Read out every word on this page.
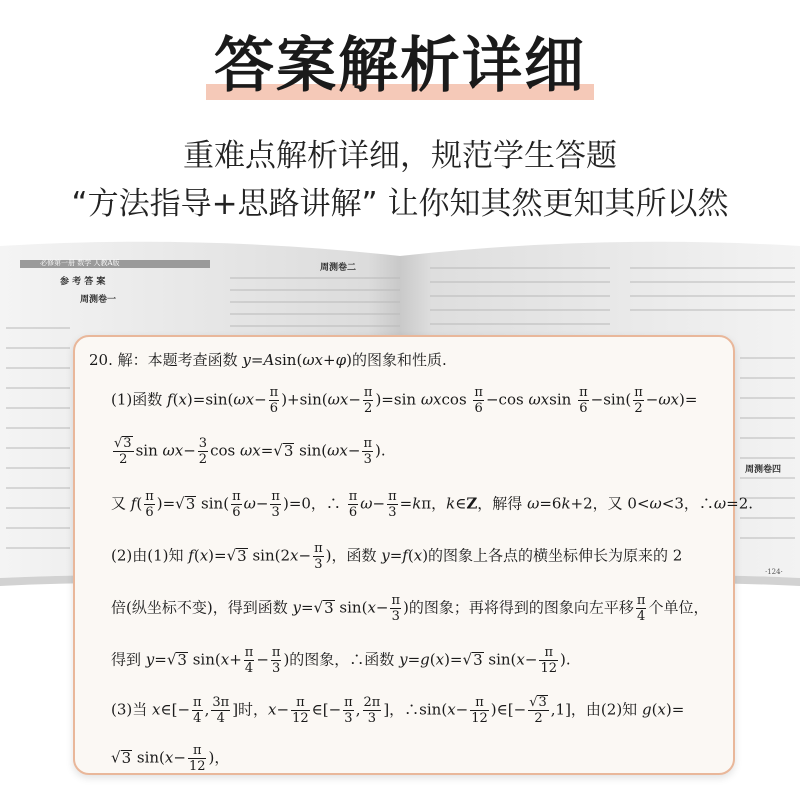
答案解析详细
重难点解析详细，规范学生答题
“方法指导+思路讲解” 让你知其然更知其所以然
必修第一册 数学 人教A版
参 考 答 案
周测卷一
周测卷二
周测卷四
·124·
20. 解：本题考查函数 y=Asin(ωx+φ)的图象和性质.
(1)函数 $f(x)=\sin(\omega x- \frac{\pi}{6} )+\sin(\omega x- \frac{\pi}{2} )=\sin$ ωxcos $\frac{\pi}{6} -\cos$ ωxsin $\frac{\pi}{6} -\sin( \frac{\pi}{2} -\omega x)=$
$\frac{√3}{2}$ $\sin \omega x- \frac{3}{2}$ cos ωx=√3 $\sin(\omega x- \frac{\pi}{3}$ ).
又 $f( \frac{\pi}{6} )=√3$ $\sin( \frac{\pi}{6} \omega- \frac{\pi}{3} )=0$，∴ $\frac{\pi}{6} \omega- \frac{\pi}{3} =k\pi$，k∈Z，解得 ω=6k+2，又 0<ω<3，∴ω=2.
(2)由(1)知 f(x)=√3 $\sin(2x- \frac{\pi}{3}$ )，函数 y=f(x)的图象上各点的横坐标伸长为原来的 2
倍(纵坐标不变)，得到函数 y=√3 $\sin(x- \frac{\pi}{3}$ )的图象；再将得到的图象向左平移 $\frac{\pi}{4}$ 个单位，
得到 y=√3 $\sin(x+ \frac{\pi}{4} - \frac{\pi}{3}$ )的图象，∴函数 y=g(x)=√3 $\sin(x- \frac{\pi}{12}$ ).
(3)当 x∈[− $\frac{\pi}{4}$ , $\frac{3\pi}{4}$ ]时，$x- \frac{\pi}{12}$ ∈[− $\frac{\pi}{3}$ , $\frac{2\pi}{3}$ ]，∴sin(x− $\frac{\pi}{12}$ )∈[− $\frac{√3}{2} ,1$]，由(2)知 g(x)=
√3 $\sin(x- \frac{\pi}{12}$ )，
